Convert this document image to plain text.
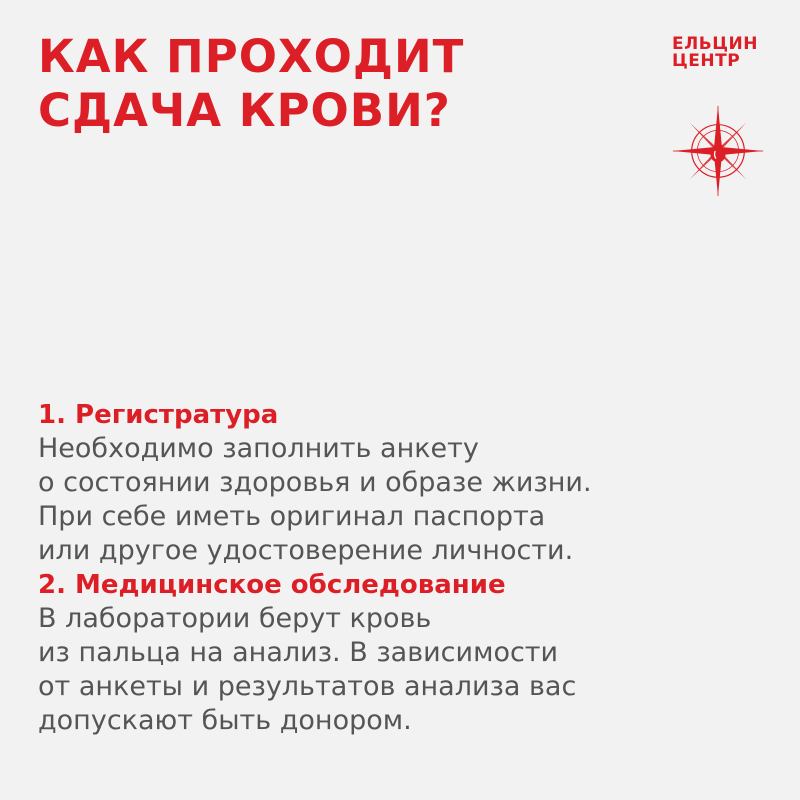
КАК ПРОХОДИТ
СДАЧА КРОВИ?
ЕЛЬЦИН
ЦЕНТР
1. Регистратура
Необходимо заполнить анкету
о состоянии здоровья и образе жизни.
При себе иметь оригинал паспорта
или другое удостоверение личности.
2. Медицинское обследование
В лаборатории берут кровь
из пальца на анализ. В зависимости
от анкеты и результатов анализа вас
допускают быть донором.
